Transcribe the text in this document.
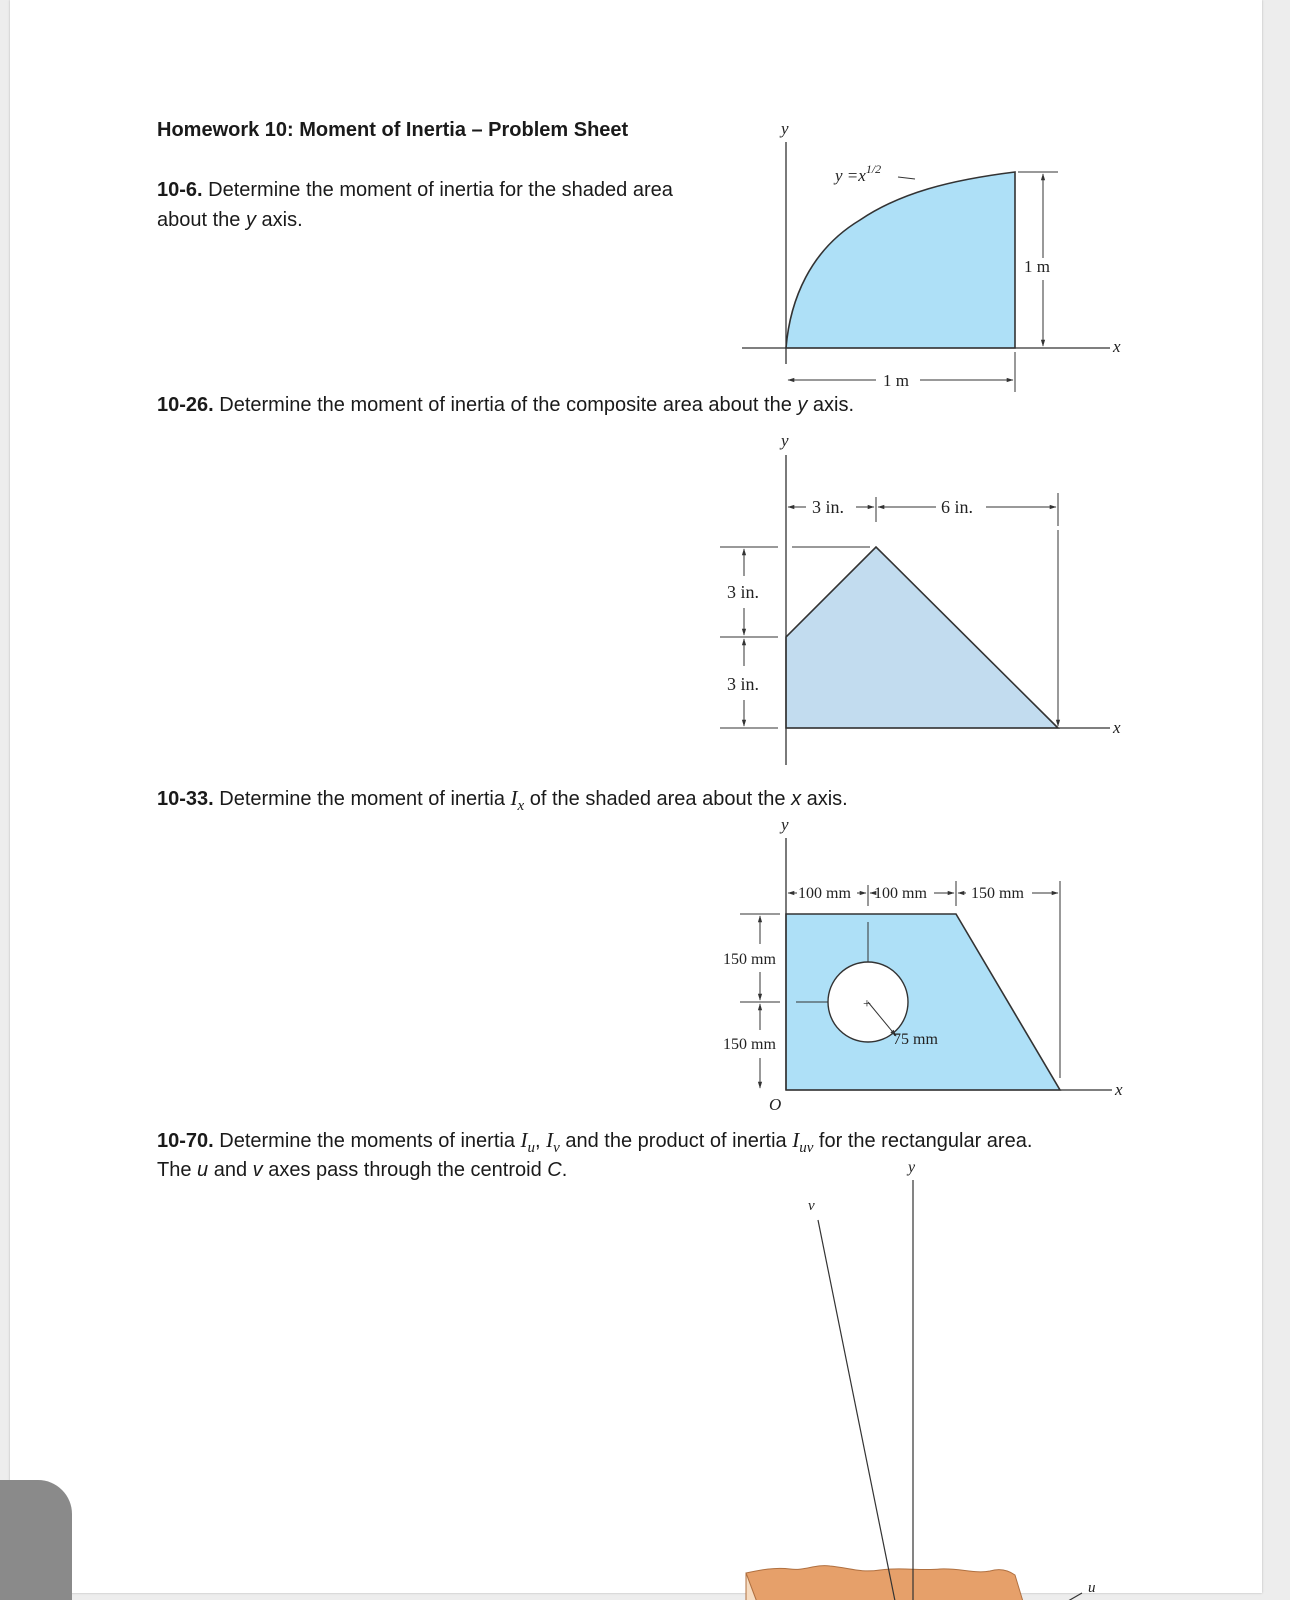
Homework 10: Moment of Inertia – Problem Sheet

10-6. Determine the moment of inertia for the shaded area

about the y axis.

10-26. Determine the moment of inertia of the composite area about the y axis.

10-33. Determine the moment of inertia $I_x$ of the shaded area about the x axis.

10-70. Determine the moments of inertia $I_u$, $I_v$ and the product of inertia $I_{uv}$ for the rectangular area.

The u and v axes pass through the centroid C.

y
x
$y =x^{1/2}$
1 m
1 m
y
x
3 in.	6 in.
3 in.
3 in.
+
y
x
O
75 mm
100 mm 100 mm	150 mm
150 mm
150 mm
y
v
u
